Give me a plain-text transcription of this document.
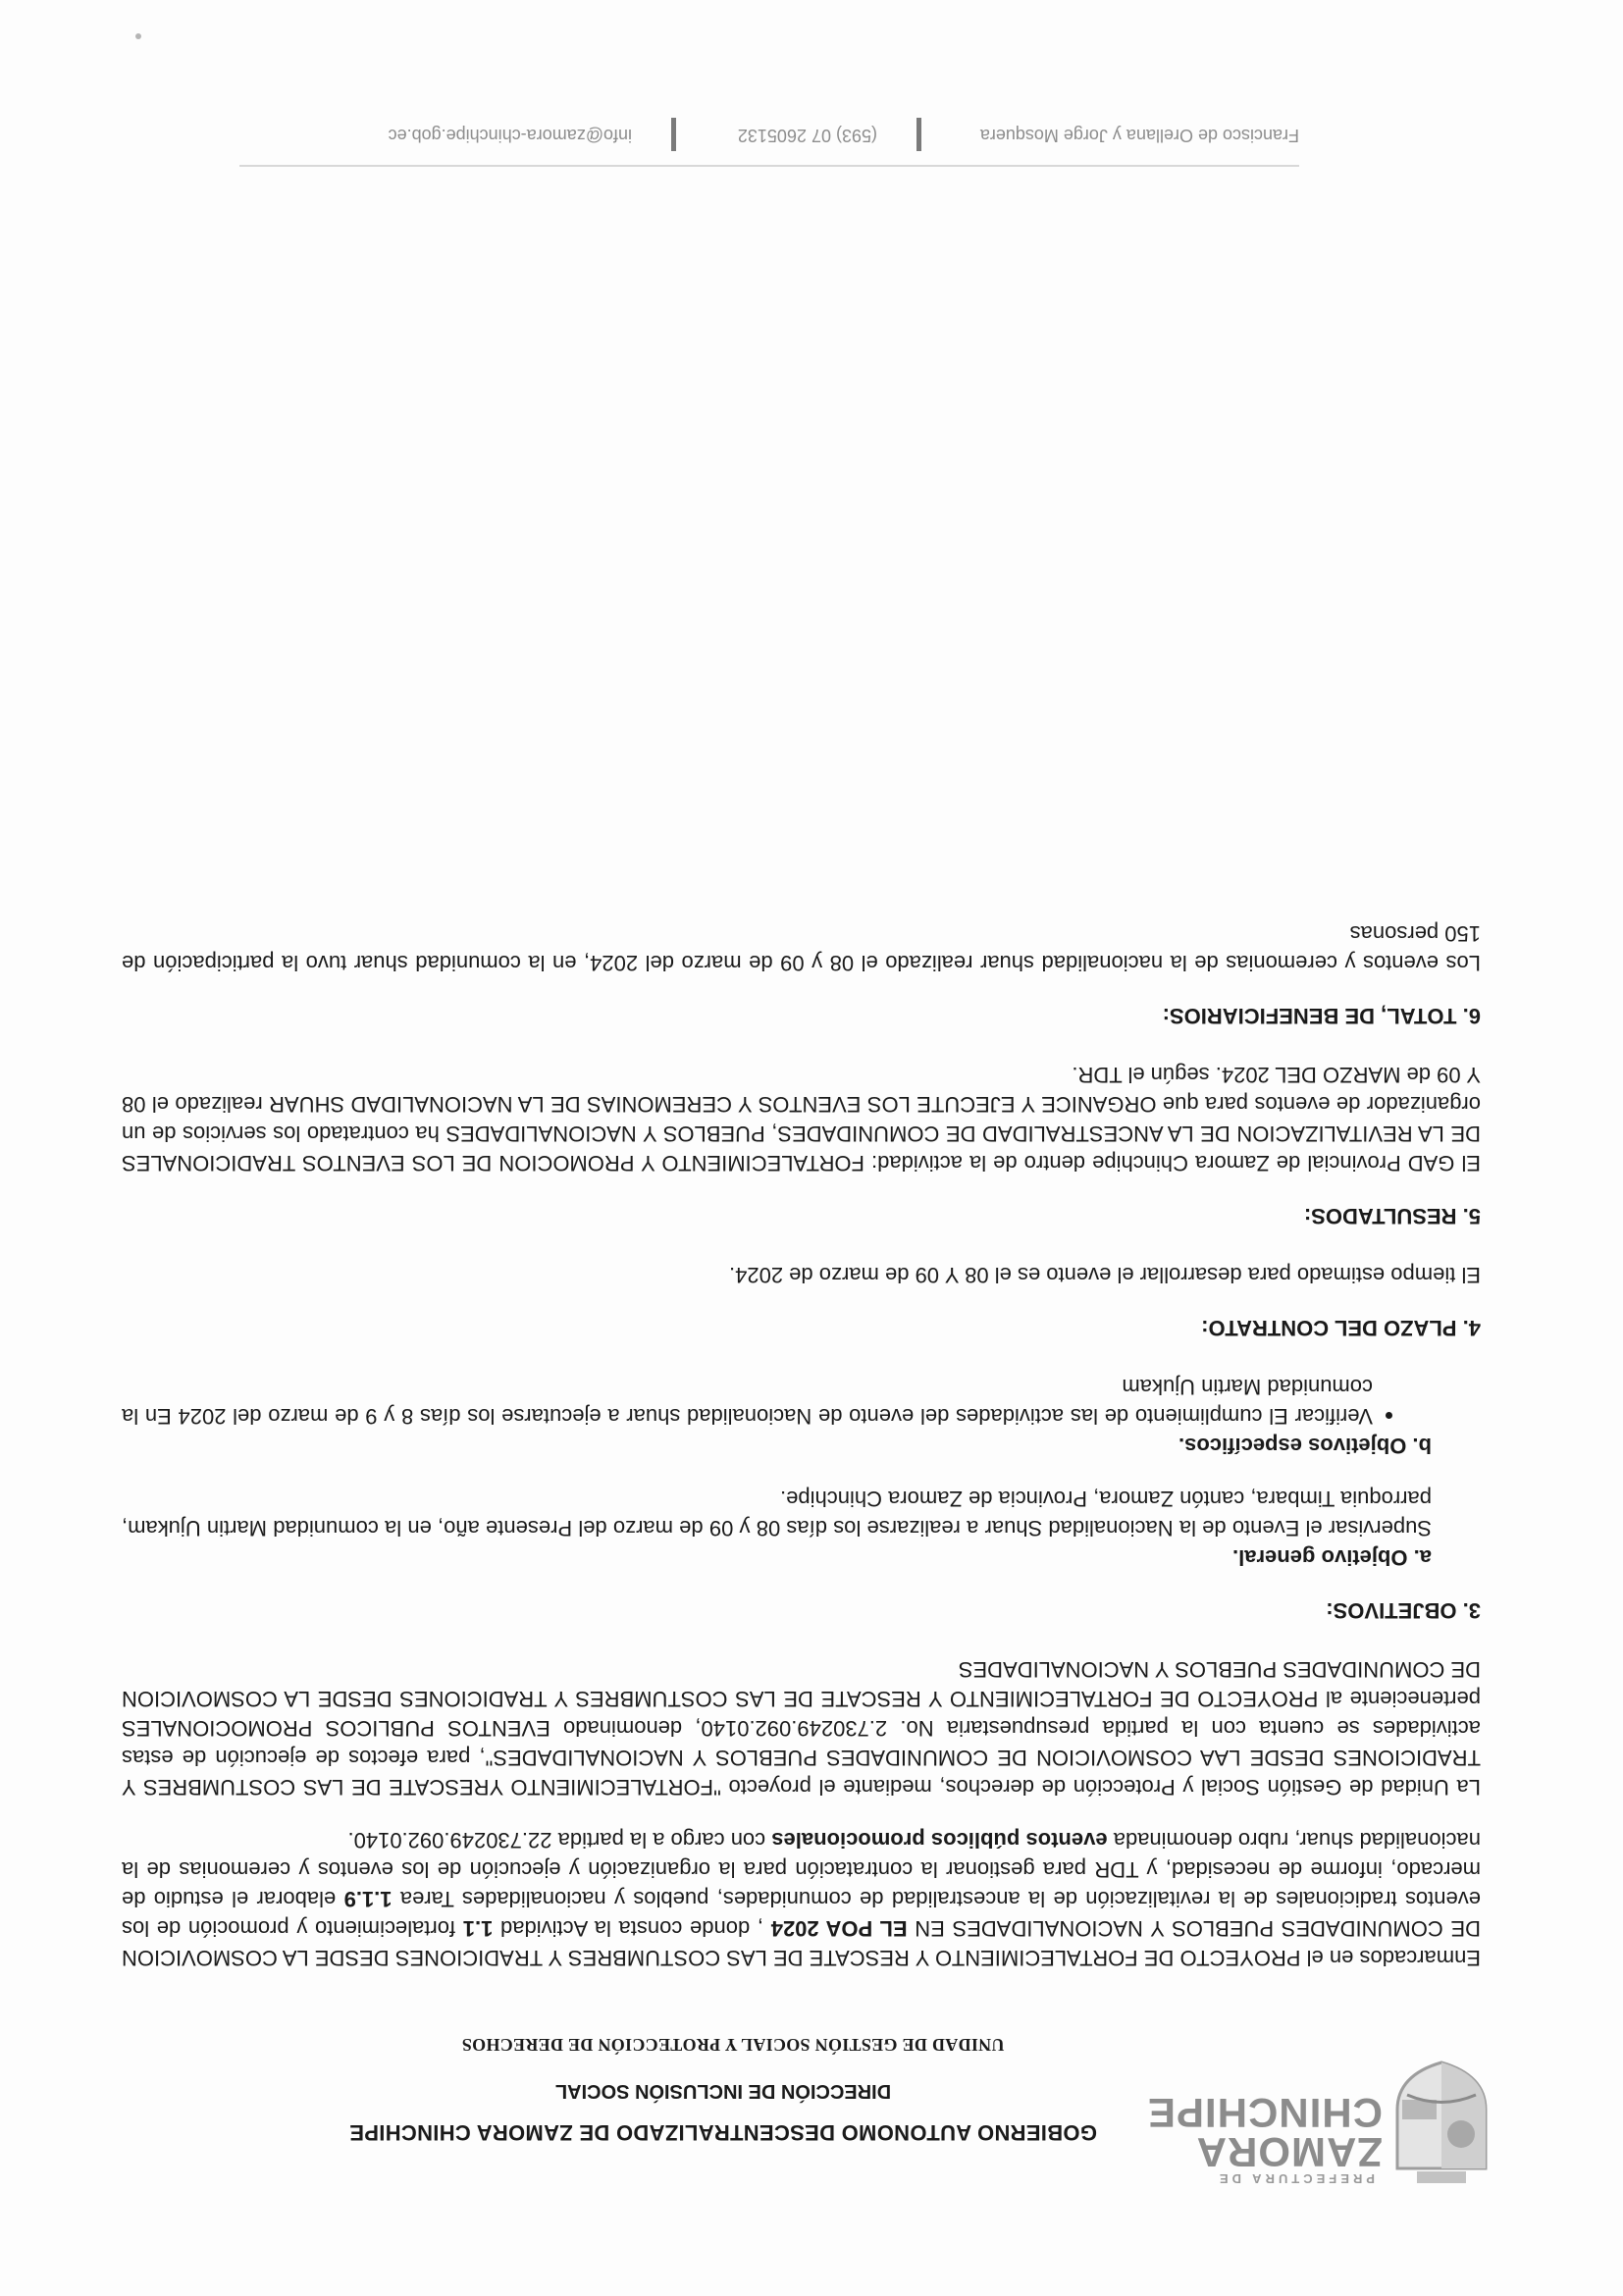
PREFECTURA DE
ZAMORA
CHINCHIPE
GOBIERNO AUTONOMO DESCENTRALIZADO DE ZAMORA CHINCHIPE
DIRECCIÓN DE INCLUSIÓN SOCIAL
UNIDAD DE GESTIÓN SOCIAL Y PROTECCIÓN DE DERECHOS

Enmarcados en el PROYECTO DE FORTALECIMIENTO Y RESCATE DE LAS COSTUMBRES Y TRADICIONES DESDE LA COSMOVICION DE COMUNIDADES PUEBLOS Y NACIONALIDADES EN EL POA 2024 , donde consta la Actividad 1.1 fortalecimiento y promoción de los eventos tradicionales de la revitalización de la ancestralidad de comunidades, pueblos y nacionalidades Tarea 1.1.9 elaborar el estudio de mercado, informe de necesidad, y TDR para gestionar la contratación para la organización y ejecución de los eventos y ceremonias de la nacionalidad shuar, rubro denominada eventos públicos promocionales con cargo a la partida 22.730249.092.0140.

La Unidad de Gestión Social y Protección de derechos, mediante el proyecto "FORTALECIMIENTO YRESCATE DE LAS COSTUMBRES Y TRADICIONES DESDE LAA COSMOVICION DE COMUNIDADES PUEBLOS Y NACIONALIDADES", para efectos de ejecución de estas actividades se cuenta con la partida presupuestaria No. 2.730249.092.0140, denominado EVENTOS PUBLICOS PROMOCIONALES perteneciente al PROYECTO DE FORTALECIMIENTO Y RESCATE DE LAS COSTUMBRES Y TRADICIONES DESDE LA COSMOVICION DE COMUNIDADES PUEBLOS Y NACIONALIDADES

3. OBJETIVOS:
a. Objetivo general.

Supervisar el Evento de la Nacionalidad Shuar a realizarse los días 08 y 09 de marzo del Presente año, en la comunidad Martin Ujukam, parroquia Timbara, cantón Zamora, Provincia de Zamora Chinchipe.

b. Objetivos específicos.
• Verificar El cumplimiento de las actividades del evento de Nacionalidad shuar a ejecutarse los días 8 y 9 de marzo del 2024 En la comunidad Martin Ujukam
4. PLAZO DEL CONTRATO:

El tiempo estimado para desarrollar el evento es el 08 Y 09 de marzo de 2024.

5. RESULTADOS:

El GAD Provincial de Zamora Chinchipe dentro de la actividad: FORTALECIMIENTO Y PROMOCION DE LOS EVENTOS TRADICIONALES DE LA REVITALIZACION DE LA ANCESTRALIDAD DE COMUNIDADES, PUEBLOS Y NACIONALIDADES ha contratado los servicios de un organizador de eventos para que ORGANICE Y EJECUTE LOS EVENTOS Y CEREMONIAS DE LA NACIONALIDAD SHUAR realizado el 08 Y 09 de MARZO DEL 2024. según el TDR.

6. TOTAL, DE BENEFICIARIOS:

Los eventos y ceremonias de la nacionalidad shuar realizado el 08 y 09 de marzo del 2024, en la comunidad shuar tuvo la participación de 150 personas

Francisco de Orellana y Jorge Mosquera
(593) 07 2605132
info@zamora-chinchipe.gob.ec
